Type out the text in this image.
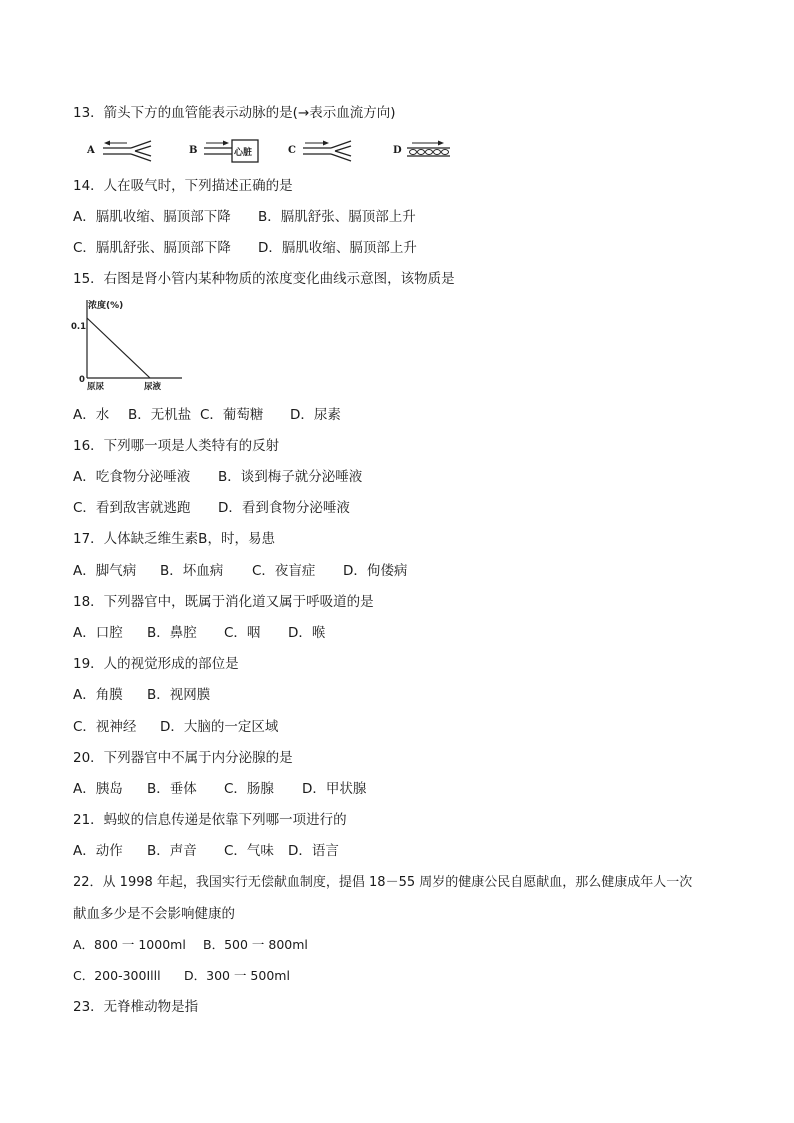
13．箭头下方的血管能表示动脉的是(→表示血流方向)
A	B	C	D
心脏
14．人在吸气时，下列描述正确的是
A．膈肌收缩、膈顶部下降 B．膈肌舒张、膈顶部上升
C．膈肌舒张、膈顶部下降 D．膈肌收缩、膈顶部上升
15．右图是肾小管内某种物质的浓度变化曲线示意图，该物质是
浓度(%)
0.1
0
原尿	尿液
A．水 B．无机盐 C．葡萄糖 D．尿素
16．下列哪一项是人类特有的反射
A．吃食物分泌唾液 B．谈到梅子就分泌唾液
C．看到敌害就逃跑 D．看到食物分泌唾液
17．人体缺乏维生素B，时，易患
A．脚气病 B．坏血病 C．夜盲症 D．佝偻病
18．下列器官中，既属于消化道又属于呼吸道的是
A．口腔 B．鼻腔 C．咽 D．喉
19．人的视觉形成的部位是
A．角膜 B．视网膜
C．视神经 D．大脑的一定区域
20．下列器官中不属于内分泌腺的是
A．胰岛 B．垂体 C．肠腺 D．甲状腺
21．蚂蚁的信息传递是依靠下列哪一项进行的
A．动作 B．声音 C．气味 D．语言
22．从 1998 年起，我国实行无偿献血制度，提倡 18－55 周岁的健康公民自愿献血，那么健康成年人一次
献血多少是不会影响健康的
A．800 一 1000ml B．500 一 800ml
C．200-300Illl D．300 一 500ml
23．无脊椎动物是指
